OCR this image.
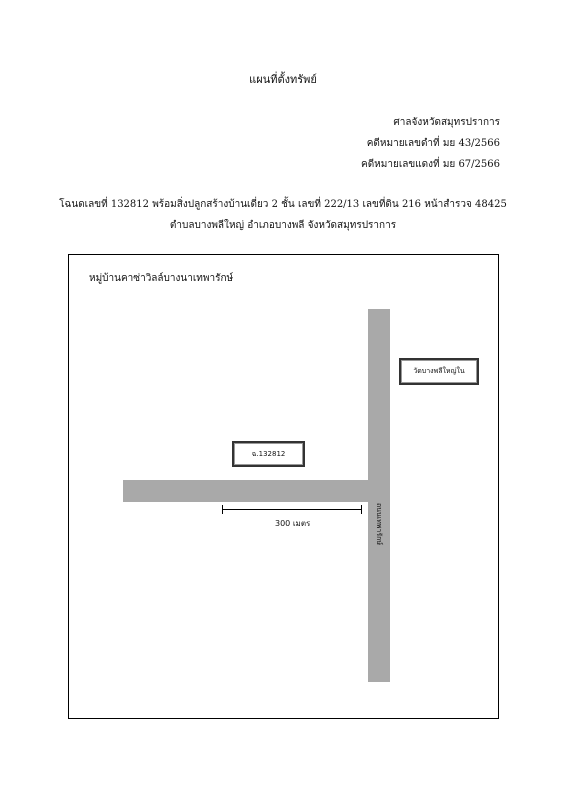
แผนที่ตั้งทรัพย์
ศาลจังหวัดสมุทรปราการ
คดีหมายเลขดำที่ มย 43/2566
คดีหมายเลขแดงที่ มย 67/2566
โฉนดเลขที่ 132812 พร้อมสิ่งปลูกสร้างบ้านเดี่ยว 2 ชั้น เลขที่ 222/13 เลขที่ดิน 216 หน้าสำรวจ 48425
ตำบลบางพลีใหญ่ อำเภอบางพลี จังหวัดสมุทรปราการ
หมู่บ้านคาซ่าวิลล์บางนาเทพารักษ์
ถนนเทพารักษ์
วัดบางพลีใหญ่ใน
ฉ.132812
300 เมตร
